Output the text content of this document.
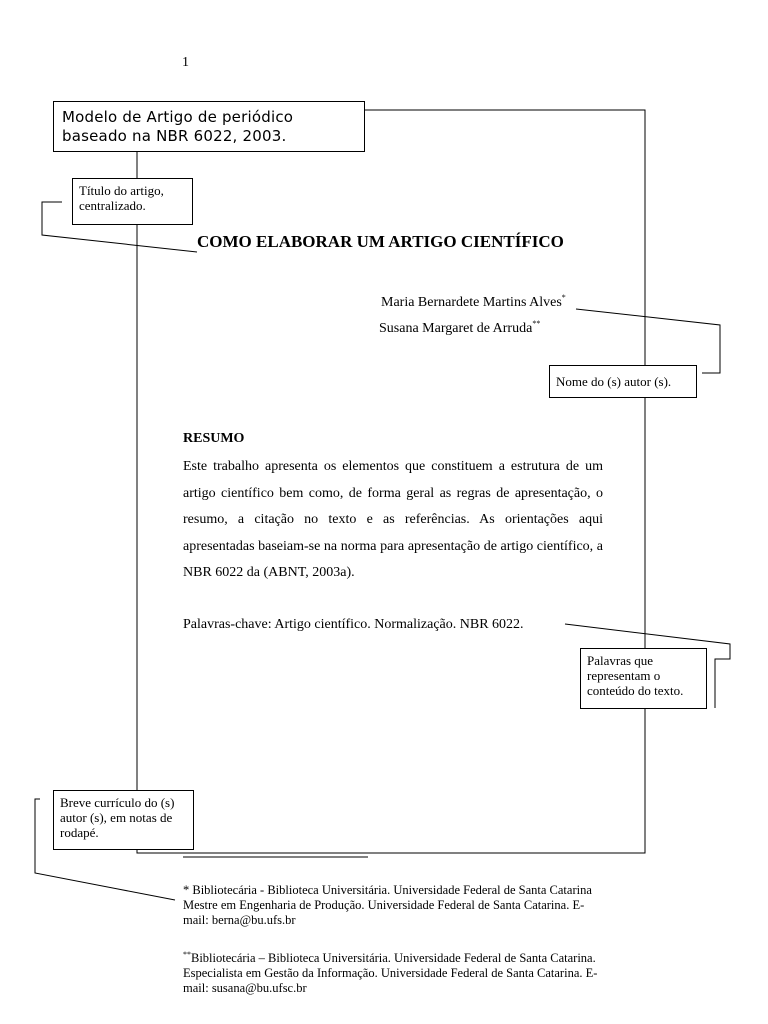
1
Modelo de Artigo de periódico
baseado na NBR 6022, 2003.
Título do artigo, centralizado.
COMO ELABORAR UM ARTIGO CIENTÍFICO
Maria Bernardete Martins Alves*
Susana Margaret de Arruda**
Nome do (s) autor (s).
RESUMO
Este trabalho apresenta os elementos que constituem a estrutura de um artigo científico bem como, de forma geral as regras de apresentação, o resumo, a citação no texto e as referências. As orientações aqui apresentadas baseiam-se na norma para apresentação de artigo científico, a NBR 6022 da (ABNT, 2003a).
Palavras-chave: Artigo científico. Normalização. NBR 6022.
Palavras que representam o conteúdo do texto.
Breve currículo do (s) autor (s), em notas de rodapé.
* Bibliotecária - Biblioteca Universitária. Universidade Federal de Santa Catarina Mestre em Engenharia de Produção. Universidade Federal de Santa Catarina. E-mail: berna@bu.ufs.br
**Bibliotecária – Biblioteca Universitária. Universidade Federal de Santa Catarina. Especialista em Gestão da Informação. Universidade Federal de Santa Catarina. E-mail: susana@bu.ufsc.br
